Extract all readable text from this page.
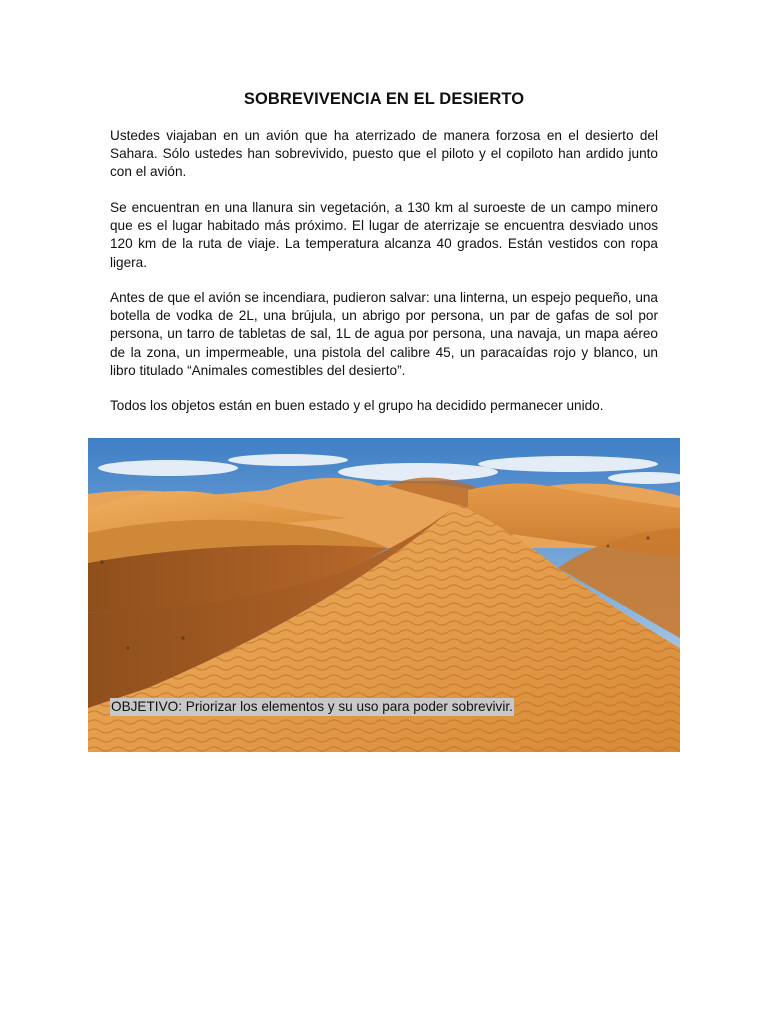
SOBREVIVENCIA EN EL DESIERTO

Ustedes viajaban en un avión que ha aterrizado de manera forzosa en el desierto del Sahara. Sólo ustedes han sobrevivido, puesto que el piloto y el copiloto han ardido junto con el avión.

Se encuentran en una llanura sin vegetación, a 130 km al suroeste de un campo minero que es el lugar habitado más próximo. El lugar de aterrizaje se encuentra desviado unos 120 km de la ruta de viaje. La temperatura alcanza 40 grados. Están vestidos con ropa ligera.

Antes de que el avión se incendiara, pudieron salvar: una linterna, un espejo pequeño, una botella de vodka de 2L, una brújula, un abrigo por persona, un par de gafas de sol por persona, un tarro de tabletas de sal, 1L de agua por persona, una navaja, un mapa aéreo de la zona, un impermeable, una pistola del calibre 45, un paracaídas rojo y blanco, un libro titulado “Animales comestibles del desierto”.

Todos los objetos están en buen estado y el grupo ha decidido permanecer unido.

OBJETIVO: Priorizar los elementos y su uso para poder sobrevivir.
